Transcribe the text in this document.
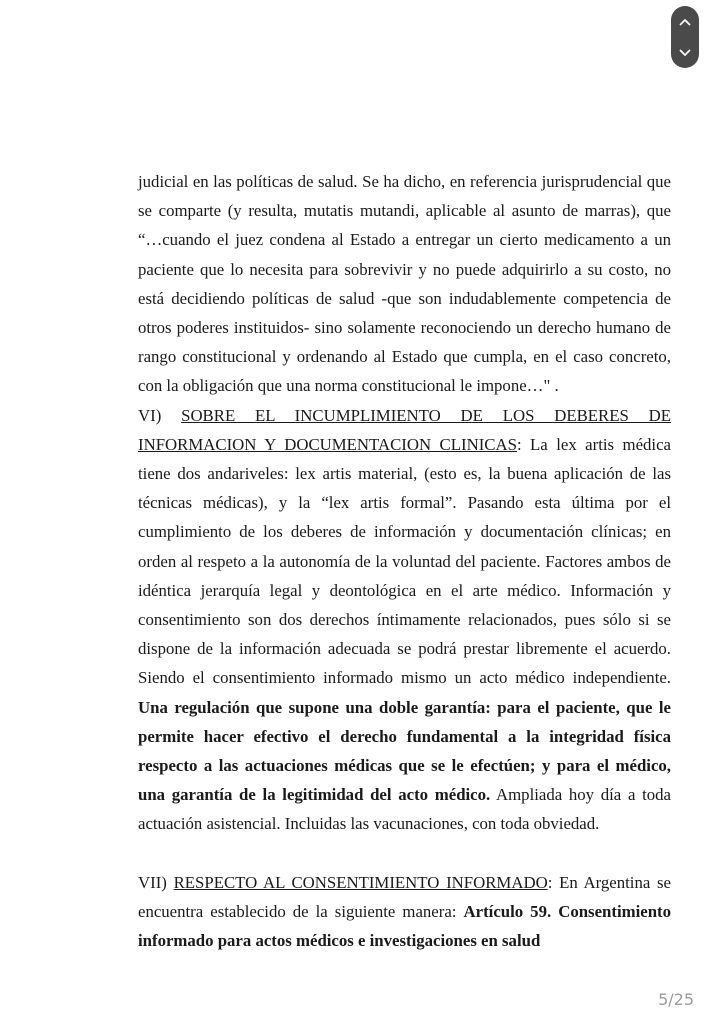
judicial en las políticas de salud. Se ha dicho, en referencia jurisprudencial que se comparte (y resulta, mutatis mutandi, aplicable al asunto de marras), que “…cuando el juez condena al Estado a entregar un cierto medicamento a un paciente que lo necesita para sobrevivir y no puede adquirirlo a su costo, no está decidiendo políticas de salud -que son indudablemente competencia de otros poderes instituidos- sino solamente reconociendo un derecho humano de rango constitucional y ordenando al Estado que cumpla, en el caso concreto, con la obligación que una norma constitucional le impone…" .

VI) SOBRE EL INCUMPLIMIENTO DE LOS DEBERES DE INFORMACION Y DOCUMENTACION CLINICAS: La lex artis médica tiene dos andariveles: lex artis material, (esto es, la buena aplicación de las técnicas médicas), y la “lex artis formal”. Pasando esta última por el cumplimiento de los deberes de información y documentación clínicas; en orden al respeto a la autonomía de la voluntad del paciente. Factores ambos de idéntica jerarquía legal y deontológica en el arte médico. Información y consentimiento son dos derechos íntimamente relacionados, pues sólo si se dispone de la información adecuada se podrá prestar libremente el acuerdo. Siendo el consentimiento informado mismo un acto médico independiente. Una regulación que supone una doble garantía: para el paciente, que le permite hacer efectivo el derecho fundamental a la integridad física respecto a las actuaciones médicas que se le efectúen; y para el médico, una garantía de la legitimidad del acto médico. Ampliada hoy día a toda actuación asistencial. Incluidas las vacunaciones, con toda obviedad.

VII) RESPECTO AL CONSENTIMIENTO INFORMADO: En Argentina se encuentra establecido de la siguiente manera: Artículo 59. Consentimiento informado para actos médicos e investigaciones en salud

5/25
